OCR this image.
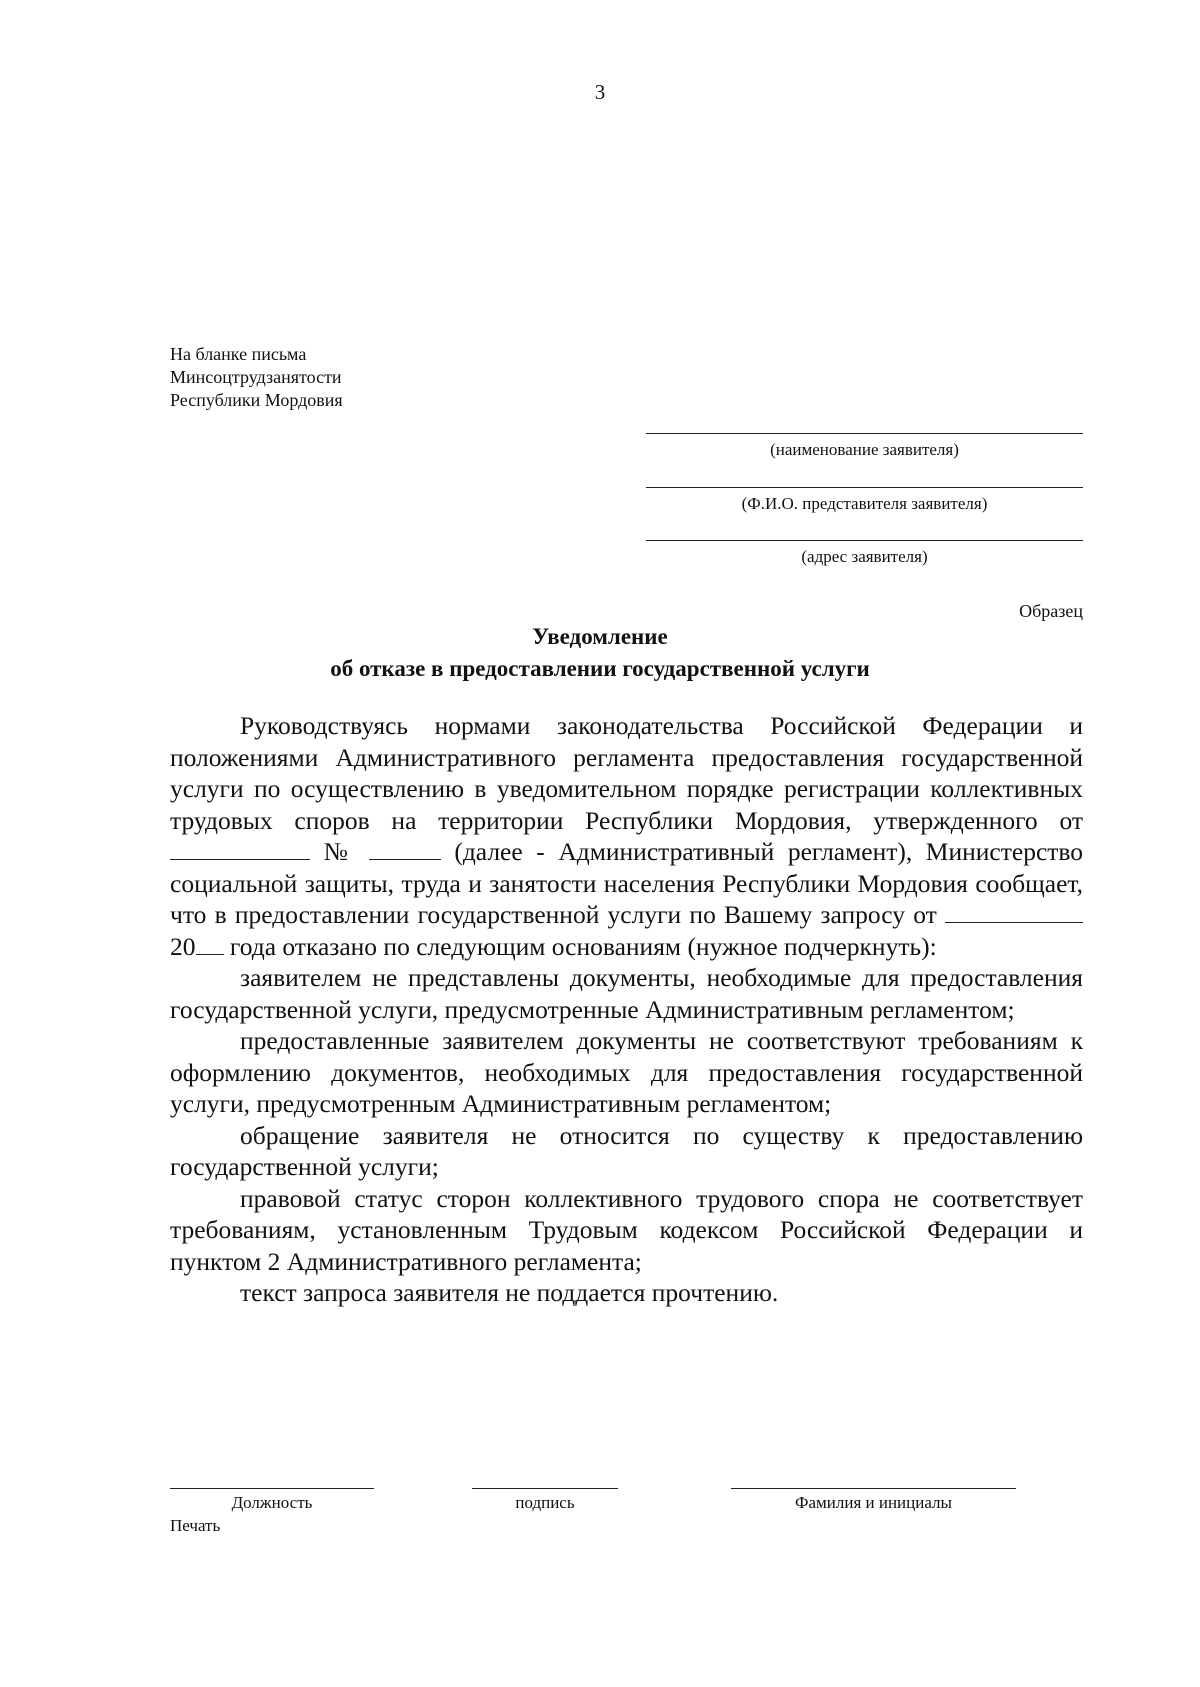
3
На бланке письма
Минсоцтрудзанятости
Республики Мордовия
(наименование заявителя)
(Ф.И.О. представителя заявителя)
(адрес заявителя)
Образец
Уведомление
об отказе в предоставлении государственной услуги

Руководствуясь нормами законодательства Российской Федерации и положениями Административного регламента предоставления государственной услуги по осуществлению в уведомительном порядке регистрации коллективных трудовых споров на территории Республики Мордовия, утвержденного от  №	(далее - Административный регламент), Министерство социальной защиты, труда и занятости населения Республики Мордовия сообщает, что в предоставлении государственной услуги по Вашему запросу от  20 года отказано по следующим основаниям (нужное подчеркнуть):

заявителем не представлены документы, необходимые для предоставления государственной услуги, предусмотренные Административным регламентом;

предоставленные заявителем документы не соответствуют требованиям к оформлению документов, необходимых для предоставления государственной услуги, предусмотренным Административным регламентом;

обращение заявителя не относится по существу к предоставлению государственной услуги;

правовой статус сторон коллективного трудового спора не соответствует требованиям, установленным Трудовым кодексом Российской Федерации и пунктом 2 Административного регламента;

текст запроса заявителя не поддается прочтению.

Должность	подпись	Фамилия и инициалы
Печать
